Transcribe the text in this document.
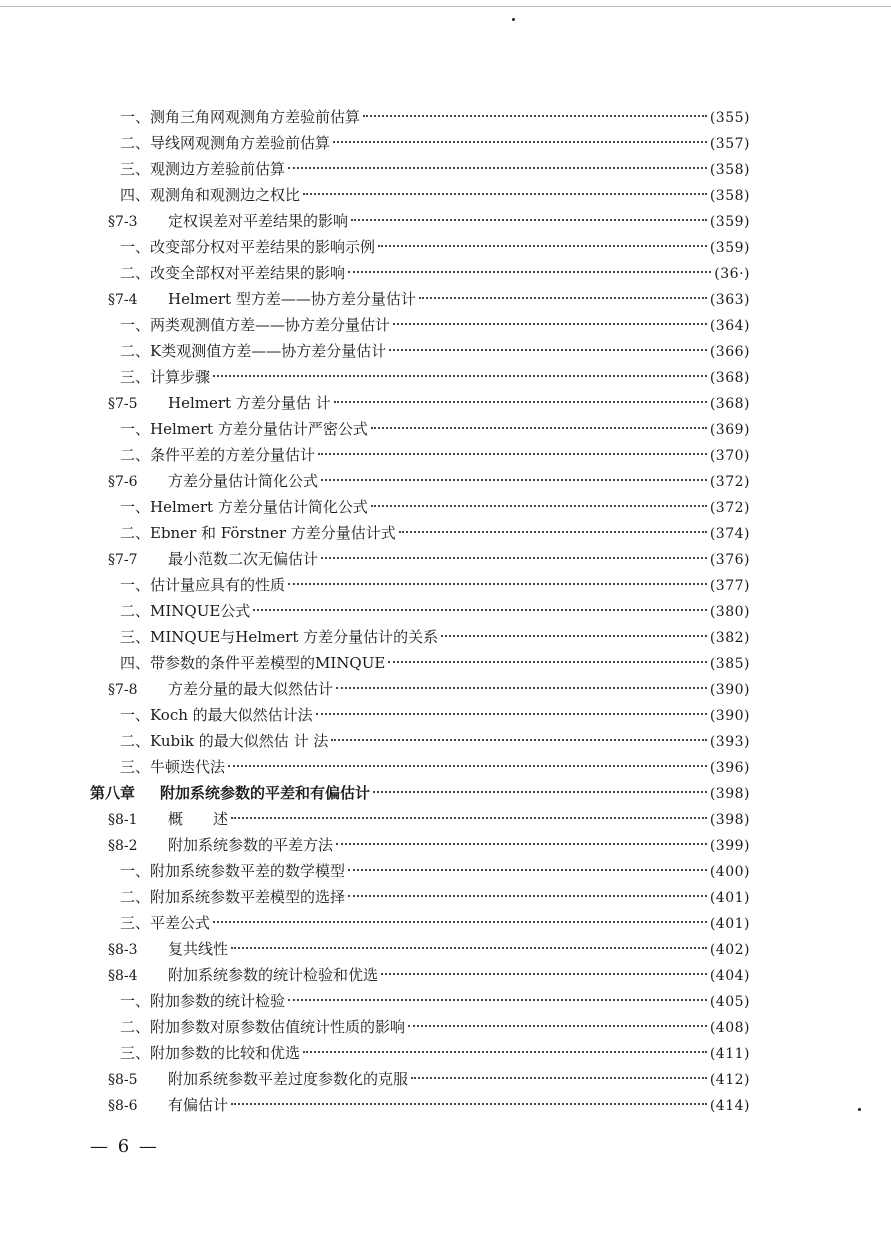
一、测角三角网观测角方差验前估算	(355)
二、导线网观测角方差验前估算	(357)
三、观测边方差验前估算	(358)
四、观测角和观测边之权比	(358)
§7-3	定权误差对平差结果的影响	(359)
一、改变部分权对平差结果的影响示例	(359)
二、改变全部权对平差结果的影响	(36·)
§7-4	Helmert 型方差——协方差分量估计	(363)
一、两类观测值方差——协方差分量估计	(364)
二、K类观测值方差——协方差分量估计	(366)
三、计算步骤	(368)
§7-5	Helmert 方差分量估 计	(368)
一、Helmert 方差分量估计严密公式	(369)
二、条件平差的方差分量估计	(370)
§7-6	方差分量估计简化公式	(372)
一、Helmert 方差分量估计简化公式	(372)
二、Ebner 和 Förstner 方差分量估计式	(374)
§7-7	最小范数二次无偏估计	(376)
一、估计量应具有的性质	(377)
二、MINQUE公式	(380)
三、MINQUE与Helmert 方差分量估计的关系	(382)
四、带参数的条件平差模型的MINQUE	(385)
§7-8	方差分量的最大似然估计	(390)
一、Koch 的最大似然估计法	(390)
二、Kubik 的最大似然估 计 法	(393)
三、牛顿迭代法	(396)
第八章	附加系统参数的平差和有偏估计	(398)
§8-1	概　　述	(398)
§8-2	附加系统参数的平差方法	(399)
一、附加系统参数平差的数学模型	(400)
二、附加系统参数平差模型的选择	(401)
三、平差公式	(401)
§8-3	复共线性	(402)
§8-4	附加系统参数的统计检验和优选	(404)
一、附加参数的统计检验	(405)
二、附加参数对原参数估值统计性质的影响	(408)
三、附加参数的比较和优选	(411)
§8-5	附加系统参数平差过度参数化的克服	(412)
§8-6	有偏估计	(414)
— 6 —
